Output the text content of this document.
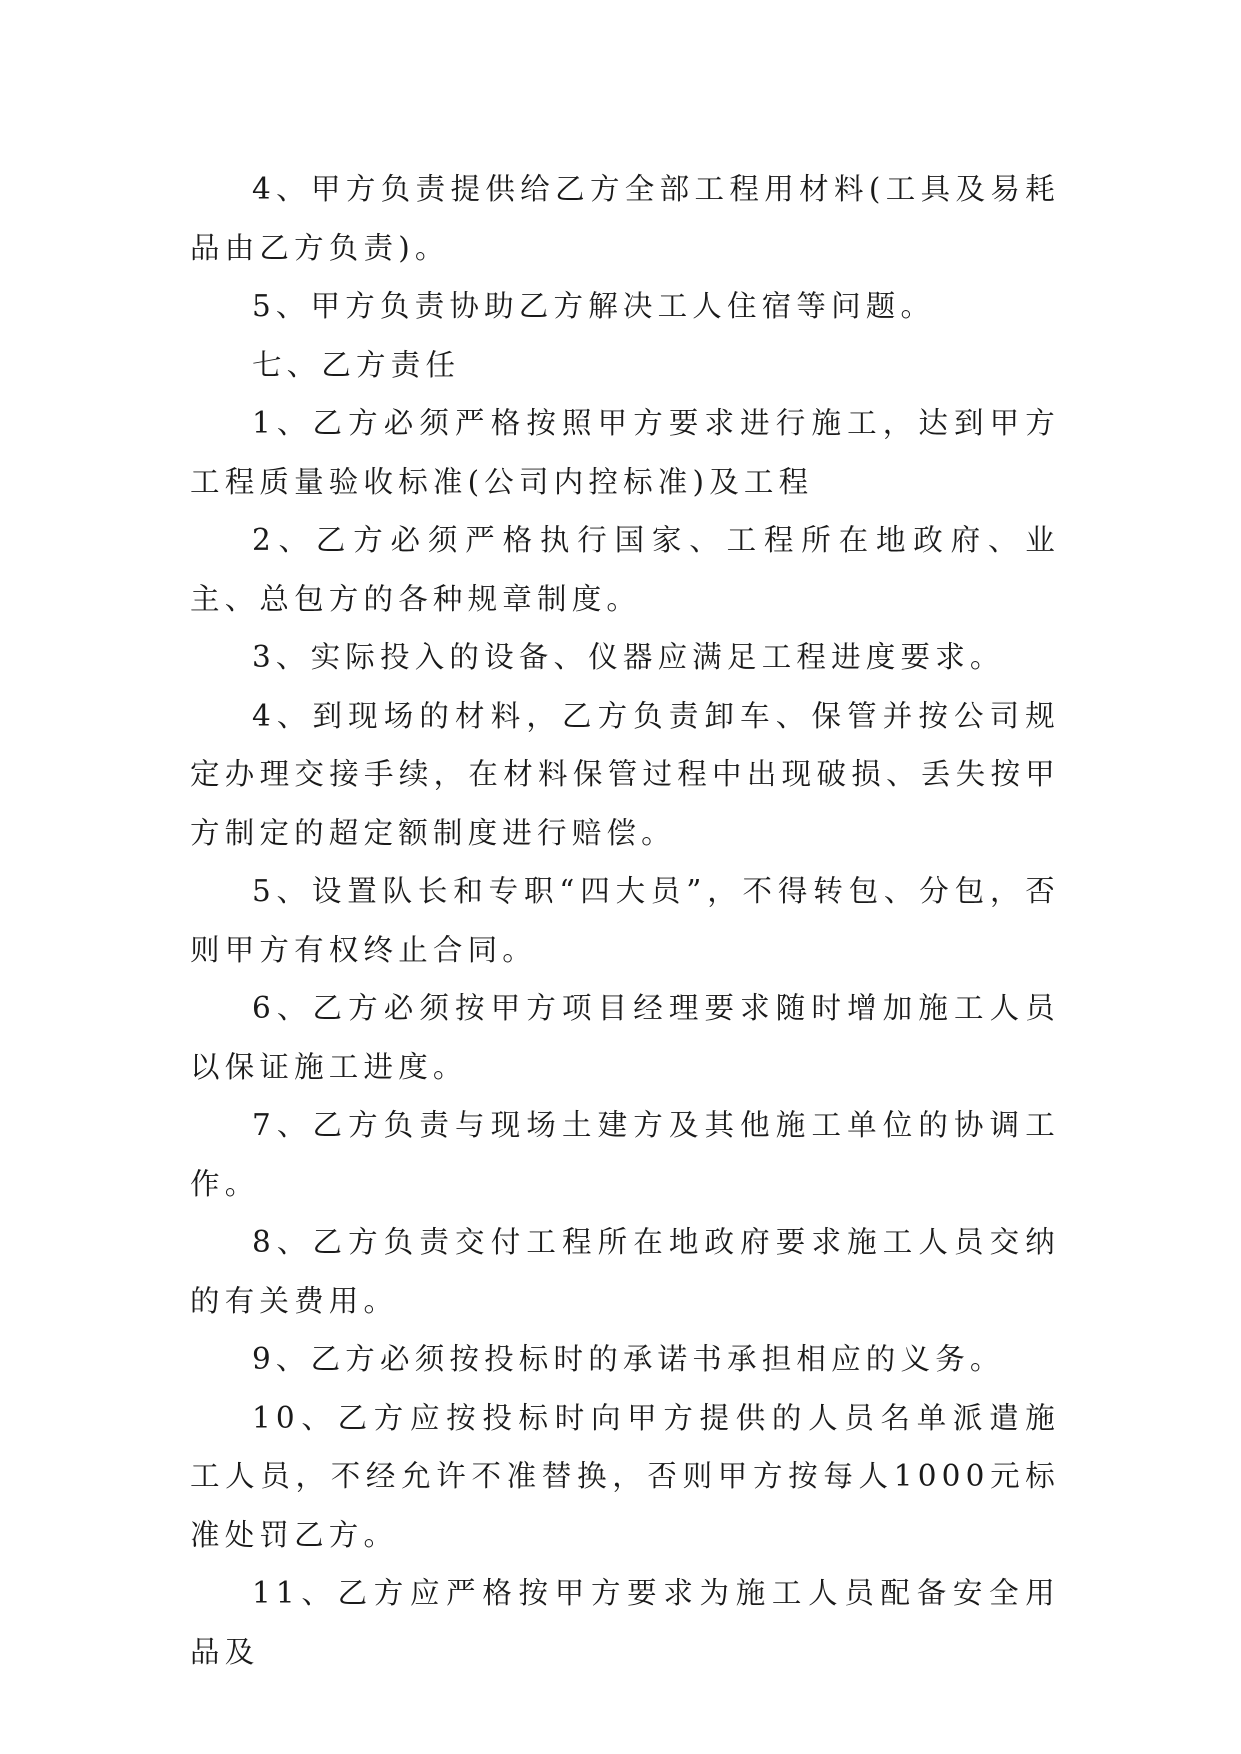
4、甲方负责提供给乙方全部工程用材料(工具及易耗品由乙方负责)。

5、甲方负责协助乙方解决工人住宿等问题。

七、乙方责任

1、乙方必须严格按照甲方要求进行施工，达到甲方工程质量验收标准(公司内控标准)及工程

2、乙方必须严格执行国家、工程所在地政府、业主、总包方的各种规章制度。

3、实际投入的设备、仪器应满足工程进度要求。

4、到现场的材料，乙方负责卸车、保管并按公司规定办理交接手续，在材料保管过程中出现破损、丢失按甲方制定的超定额制度进行赔偿。

5、设置队长和专职“四大员”，不得转包、分包，否则甲方有权终止合同。

6、乙方必须按甲方项目经理要求随时增加施工人员以保证施工进度。

7、乙方负责与现场土建方及其他施工单位的协调工作。

8、乙方负责交付工程所在地政府要求施工人员交纳的有关费用。

9、乙方必须按投标时的承诺书承担相应的义务。

10、乙方应按投标时向甲方提供的人员名单派遣施工人员，不经允许不准替换，否则甲方按每人1000元标准处罚乙方。

11、乙方应严格按甲方要求为施工人员配备安全用品及
